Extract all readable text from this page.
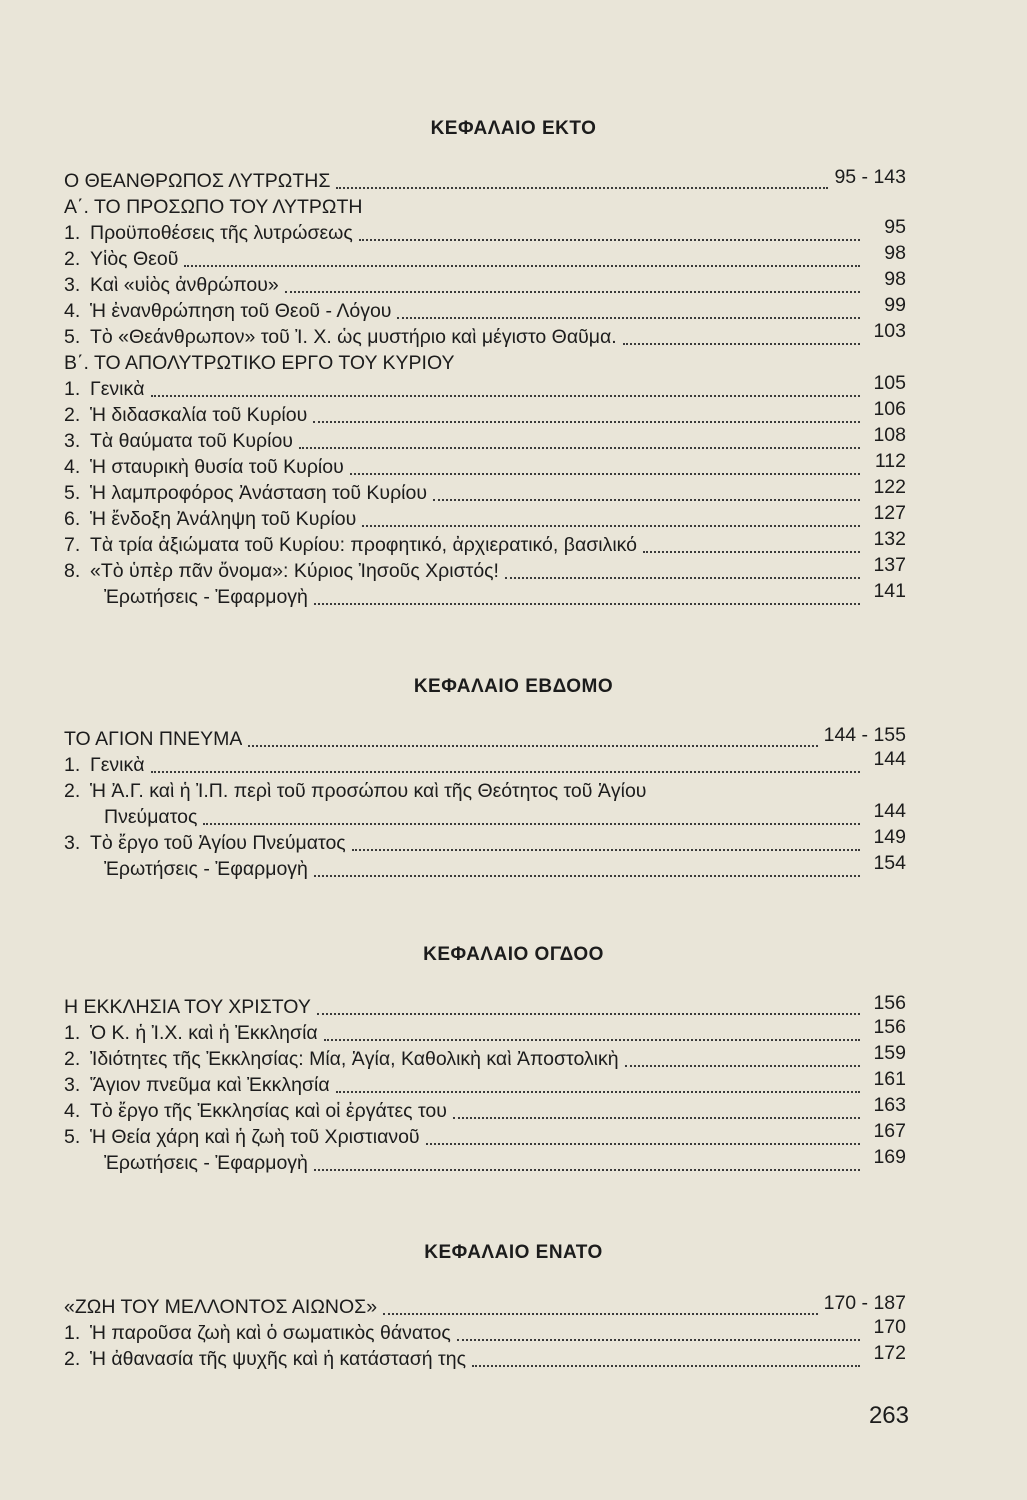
ΚΕΦΑΛΑΙΟ ΕΚΤΟ
Ο ΘΕΑΝΘΡΩΠΟΣ ΛΥΤΡΩΤΗΣ	95 - 143
Α΄. ΤΟ ΠΡΟΣΩΠΟ ΤΟΥ ΛΥΤΡΩΤΗ
1. Προϋποθέσεις τῆς λυτρώσεως	95
2. Υἱὸς Θεοῦ	98
3. Καὶ «υἱὸς ἀνθρώπου»	98
4. Ἡ ἐνανθρώπηση τοῦ Θεοῦ - Λόγου	99
5. Τὸ «Θεάνθρωπον» τοῦ Ἰ. Χ. ὡς μυστήριο καὶ μέγιστο Θαῦμα.	103
Β΄. ΤΟ ΑΠΟΛΥΤΡΩΤΙΚΟ ΕΡΓΟ ΤΟΥ ΚΥΡΙΟΥ
1. Γενικὰ	105
2. Ἡ διδασκαλία τοῦ Κυρίου	106
3. Τὰ θαύματα τοῦ Κυρίου	108
4. Ἡ σταυρικὴ θυσία τοῦ Κυρίου	112
5. Ἡ λαμπροφόρος Ἀνάσταση τοῦ Κυρίου	122
6. Ἡ ἔνδοξη Ἀνάληψη τοῦ Κυρίου	127
7. Τὰ τρία ἀξιώματα τοῦ Κυρίου: προφητικό, ἀρχιερατικό, βασιλικό	132
8. «Τὸ ὑπὲρ πᾶν ὄνομα»: Κύριος Ἰησοῦς Χριστός!	137
Ἐρωτήσεις - Ἐφαρμογὴ	141
ΚΕΦΑΛΑΙΟ ΕΒΔΟΜΟ
ΤΟ ΑΓΙΟΝ ΠΝΕΥΜΑ	144 - 155
1. Γενικὰ	144
2. Ἡ Ἀ.Γ. καὶ ἡ Ἰ.Π. περὶ τοῦ προσώπου καὶ τῆς Θεότητος τοῦ Ἁγίου
Πνεύματος	144
3. Τὸ ἔργο τοῦ Ἁγίου Πνεύματος	149
Ἐρωτήσεις - Ἐφαρμογὴ	154
ΚΕΦΑΛΑΙΟ ΟΓΔΟΟ
Η ΕΚΚΛΗΣΙΑ ΤΟΥ ΧΡΙΣΤΟΥ	156
1. Ὁ Κ. ἡ Ἰ.Χ. καὶ ἡ Ἐκκλησία	156
2. Ἰδιότητες τῆς Ἐκκλησίας: Μία, Ἁγία, Καθολικὴ καὶ Ἀποστολικὴ	159
3. Ἅγιον πνεῦμα καὶ Ἐκκλησία	161
4. Τὸ ἔργο τῆς Ἐκκλησίας καὶ οἱ ἐργάτες του	163
5. Ἡ Θεία χάρη καὶ ἡ ζωὴ τοῦ Χριστιανοῦ	167
Ἐρωτήσεις - Ἐφαρμογὴ	169
ΚΕΦΑΛΑΙΟ ΕΝΑΤΟ
«ΖΩΗ ΤΟΥ ΜΕΛΛΟΝΤΟΣ ΑΙΩΝΟΣ»	170 - 187
1. Ἡ παροῦσα ζωὴ καὶ ὁ σωματικὸς θάνατος	170
2. Ἡ ἀθανασία τῆς ψυχῆς καὶ ἡ κατάστασή της	172
263
